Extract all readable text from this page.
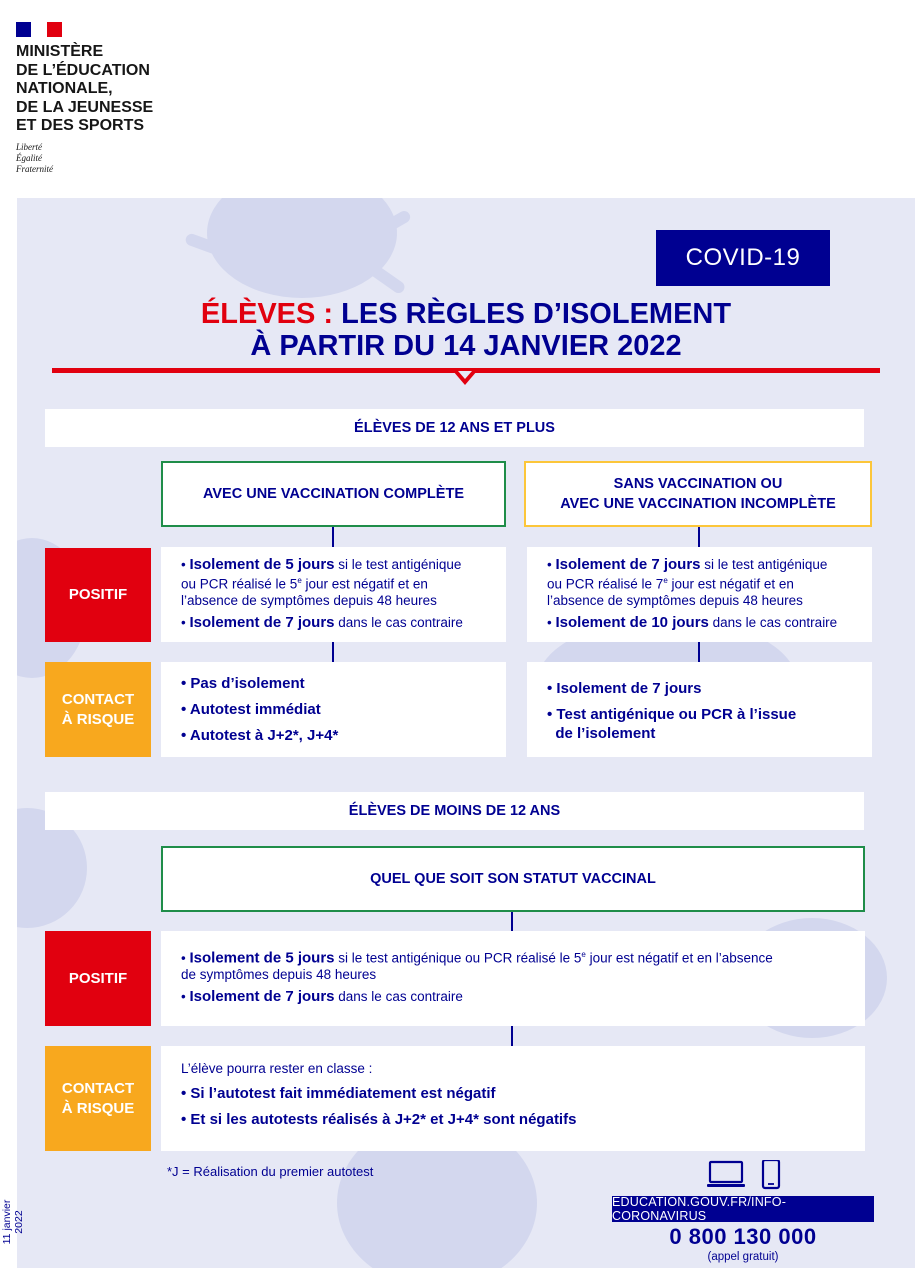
MINISTÈRE
DE L’ÉDUCATION
NATIONALE,
DE LA JEUNESSE
ET DES SPORTS
Liberté
Égalité
Fraternité
COVID-19
ÉLÈVES : LES RÈGLES D’ISOLEMENT
À PARTIR DU 14 JANVIER 2022
ÉLÈVES DE 12 ANS ET PLUS
AVEC UNE VACCINATION COMPLÈTE
SANS VACCINATION OU
AVEC UNE VACCINATION INCOMPLÈTE
POSITIF
• Isolement de 5 jours si le test antigénique
ou PCR réalisé le 5e jour est négatif et en
l’absence de symptômes depuis 48 heures
• Isolement de 7 jours dans le cas contraire
• Isolement de 7 jours si le test antigénique
ou PCR réalisé le 7e jour est négatif et en
l’absence de symptômes depuis 48 heures
• Isolement de 10 jours dans le cas contraire
CONTACT
À RISQUE
• Pas d’isolement
• Autotest immédiat
• Autotest à J+2*, J+4*
• Isolement de 7 jours
• Test antigénique ou PCR à l’issue
de l’isolement
ÉLÈVES DE MOINS DE 12 ANS
QUEL QUE SOIT SON STATUT VACCINAL
POSITIF
• Isolement de 5 jours si le test antigénique ou PCR réalisé le 5e jour est négatif et en l’absence
de symptômes depuis 48 heures
• Isolement de 7 jours dans le cas contraire
CONTACT
À RISQUE
L’élève pourra rester en classe :
• Si l’autotest fait immédiatement est négatif
• Et si les autotests réalisés à J+2* et J+4* sont négatifs
*J = Réalisation du premier autotest
EDUCATION.GOUV.FR/INFO-CORONAVIRUS
0 800 130 000
(appel gratuit)
11 janvier 2022
